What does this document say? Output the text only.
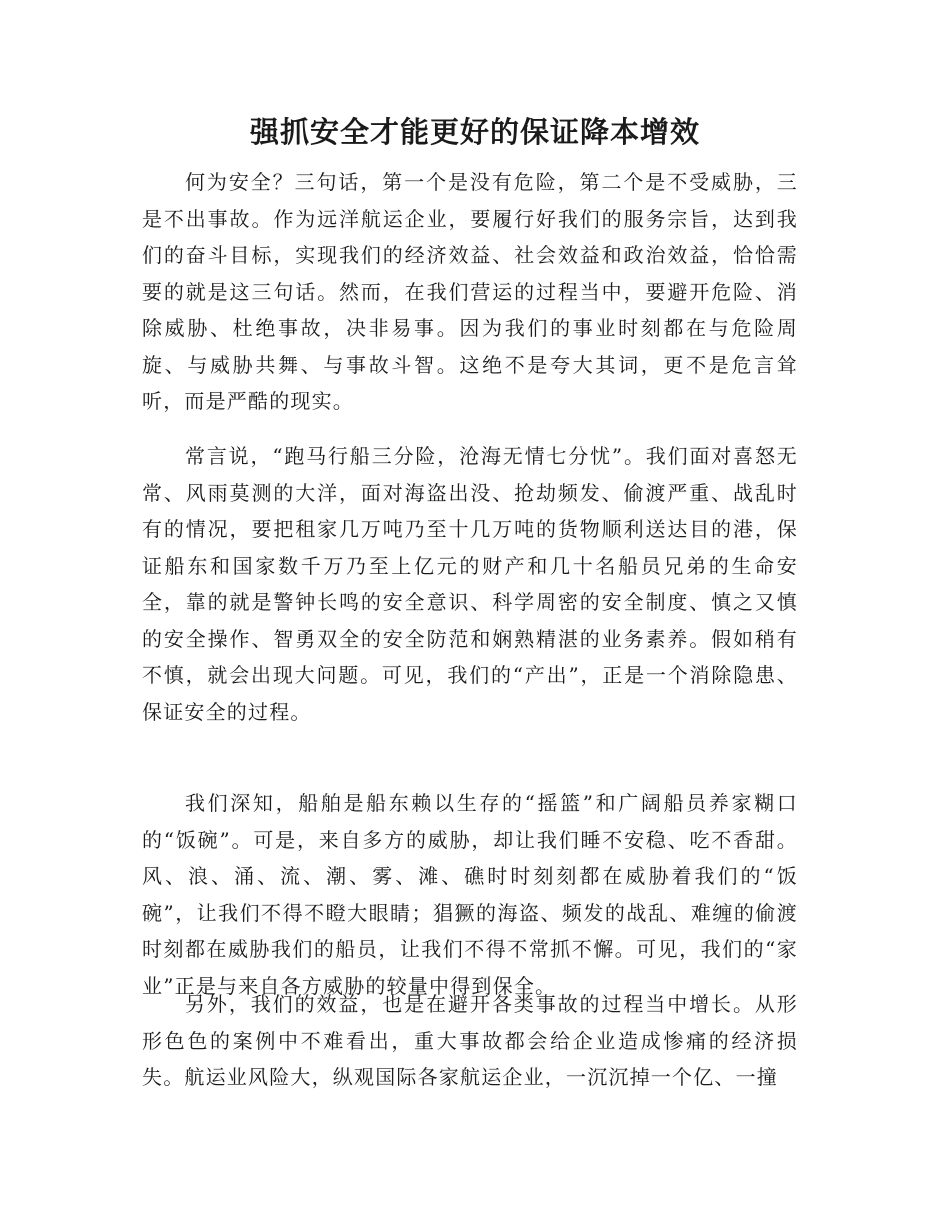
强抓安全才能更好的保证降本增效

何为安全？三句话，第一个是没有危险，第二个是不受威胁，三是不出事故。作为远洋航运企业，要履行好我们的服务宗旨，达到我们的奋斗目标，实现我们的经济效益、社会效益和政治效益，恰恰需要的就是这三句话。然而，在我们营运的过程当中，要避开危险、消除威胁、杜绝事故，决非易事。因为我们的事业时刻都在与危险周旋、与威胁共舞、与事故斗智。这绝不是夸大其词，更不是危言耸听，而是严酷的现实。

常言说，“跑马行船三分险，沧海无情七分忧”。我们面对喜怒无常、风雨莫测的大洋，面对海盗出没、抢劫频发、偷渡严重、战乱时有的情况，要把租家几万吨乃至十几万吨的货物顺利送达目的港，保证船东和国家数千万乃至上亿元的财产和几十名船员兄弟的生命安全，靠的就是警钟长鸣的安全意识、科学周密的安全制度、慎之又慎的安全操作、智勇双全的安全防范和娴熟精湛的业务素养。假如稍有不慎，就会出现大问题。可见，我们的“产出”，正是一个消除隐患、保证安全的过程。

我们深知，船舶是船东赖以生存的“摇篮”和广阔船员养家糊口的“饭碗”。可是，来自多方的威胁，却让我们睡不安稳、吃不香甜。风、浪、涌、流、潮、雾、滩、礁时时刻刻都在威胁着我们的“饭碗”，让我们不得不瞪大眼睛；猖獗的海盗、频发的战乱、难缠的偷渡时刻都在威胁我们的船员，让我们不得不常抓不懈。可见，我们的“家业”正是与来自各方威胁的较量中得到保全。

另外，我们的效益，也是在避开各类事故的过程当中增长。从形形色色的案例中不难看出，重大事故都会给企业造成惨痛的经济损失。航运业风险大，纵观国际各家航运企业，一沉沉掉一个亿、一撞
